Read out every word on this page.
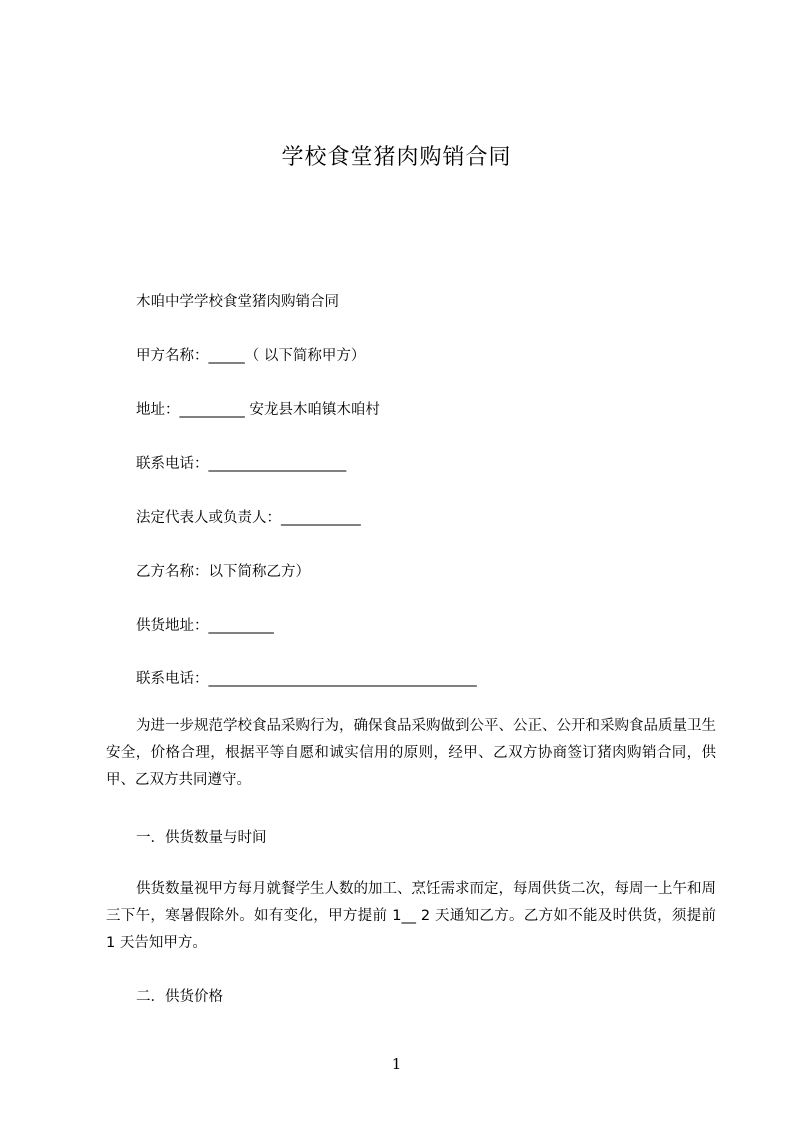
学校食堂猪肉购销合同
木咱中学学校食堂猪肉购销合同
甲方名称：_____（ 以下简称甲方）
地址：_________ 安龙县木咱镇木咱村
联系电话：___________________
法定代表人或负责人：___________
乙方名称：以下简称乙方）
供货地址：_________
联系电话：_____________________________________

为进一步规范学校食品采购行为，确保食品采购做到公平、公正、公开和采购食品质量卫生安全，价格合理，根据平等自愿和诚实信用的原则，经甲、乙双方协商签订猪肉购销合同，供甲、乙双方共同遵守。

一．供货数量与时间

供货数量视甲方每月就餐学生人数的加工、烹饪需求而定，每周供货二次，每周一上午和周三下午，寒暑假除外。如有变化，甲方提前 1__ 2 天通知乙方。乙方如不能及时供货，须提前 1 天告知甲方。

二．供货价格
1
